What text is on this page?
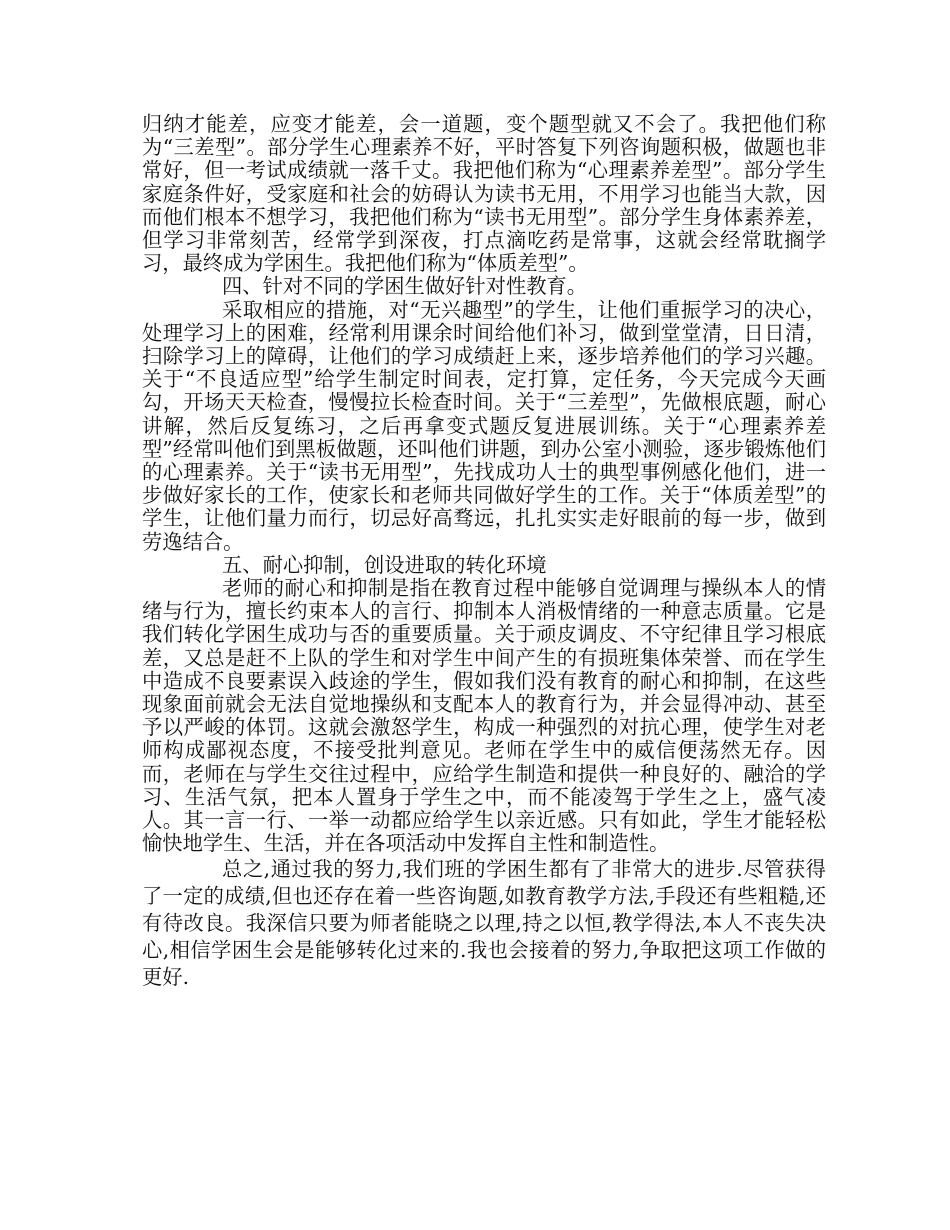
归纳才能差，应变才能差，会一道题，变个题型就又不会了。我把他们称为“三差型”。部分学生心理素养不好，平时答复下列咨询题积极，做题也非常好，但一考试成绩就一落千丈。我把他们称为“心理素养差型”。部分学生家庭条件好，受家庭和社会的妨碍认为读书无用，不用学习也能当大款，因而他们根本不想学习，我把他们称为“读书无用型”。部分学生身体素养差，但学习非常刻苦，经常学到深夜，打点滴吃药是常事，这就会经常耽搁学习，最终成为学困生。我把他们称为“体质差型”。

四、针对不同的学困生做好针对性教育。

采取相应的措施，对“无兴趣型”的学生，让他们重振学习的决心，处理学习上的困难，经常利用课余时间给他们补习，做到堂堂清，日日清，扫除学习上的障碍，让他们的学习成绩赶上来，逐步培养他们的学习兴趣。关于“不良适应型”给学生制定时间表，定打算，定任务，今天完成今天画勾，开场天天检查，慢慢拉长检查时间。关于“三差型”，先做根底题，耐心讲解，然后反复练习，之后再拿变式题反复进展训练。关于“心理素养差型”经常叫他们到黑板做题，还叫他们讲题，到办公室小测验，逐步锻炼他们的心理素养。关于“读书无用型”，先找成功人士的典型事例感化他们，进一步做好家长的工作，使家长和老师共同做好学生的工作。关于“体质差型”的学生，让他们量力而行，切忌好高骛远，扎扎实实走好眼前的每一步，做到劳逸结合。

五、耐心抑制，创设进取的转化环境

老师的耐心和抑制是指在教育过程中能够自觉调理与操纵本人的情绪与行为，擅长约束本人的言行、抑制本人消极情绪的一种意志质量。它是我们转化学困生成功与否的重要质量。关于顽皮调皮、不守纪律且学习根底差，又总是赶不上队的学生和对学生中间产生的有损班集体荣誉、而在学生中造成不良要素误入歧途的学生，假如我们没有教育的耐心和抑制，在这些现象面前就会无法自觉地操纵和支配本人的教育行为，并会显得冲动、甚至予以严峻的体罚。这就会激怒学生，构成一种强烈的对抗心理，使学生对老师构成鄙视态度，不接受批判意见。老师在学生中的威信便荡然无存。因而，老师在与学生交往过程中，应给学生制造和提供一种良好的、融洽的学习、生活气氛，把本人置身于学生之中，而不能凌驾于学生之上，盛气凌人。其一言一行、一举一动都应给学生以亲近感。只有如此，学生才能轻松愉快地学生、生活，并在各项活动中发挥自主性和制造性。

总之,通过我的努力,我们班的学困生都有了非常大的进步.尽管获得了一定的成绩,但也还存在着一些咨询题,如教育教学方法,手段还有些粗糙,还有待改良。我深信只要为师者能晓之以理,持之以恒,教学得法,本人不丧失决心,相信学困生会是能够转化过来的.我也会接着的努力,争取把这项工作做的更好.
